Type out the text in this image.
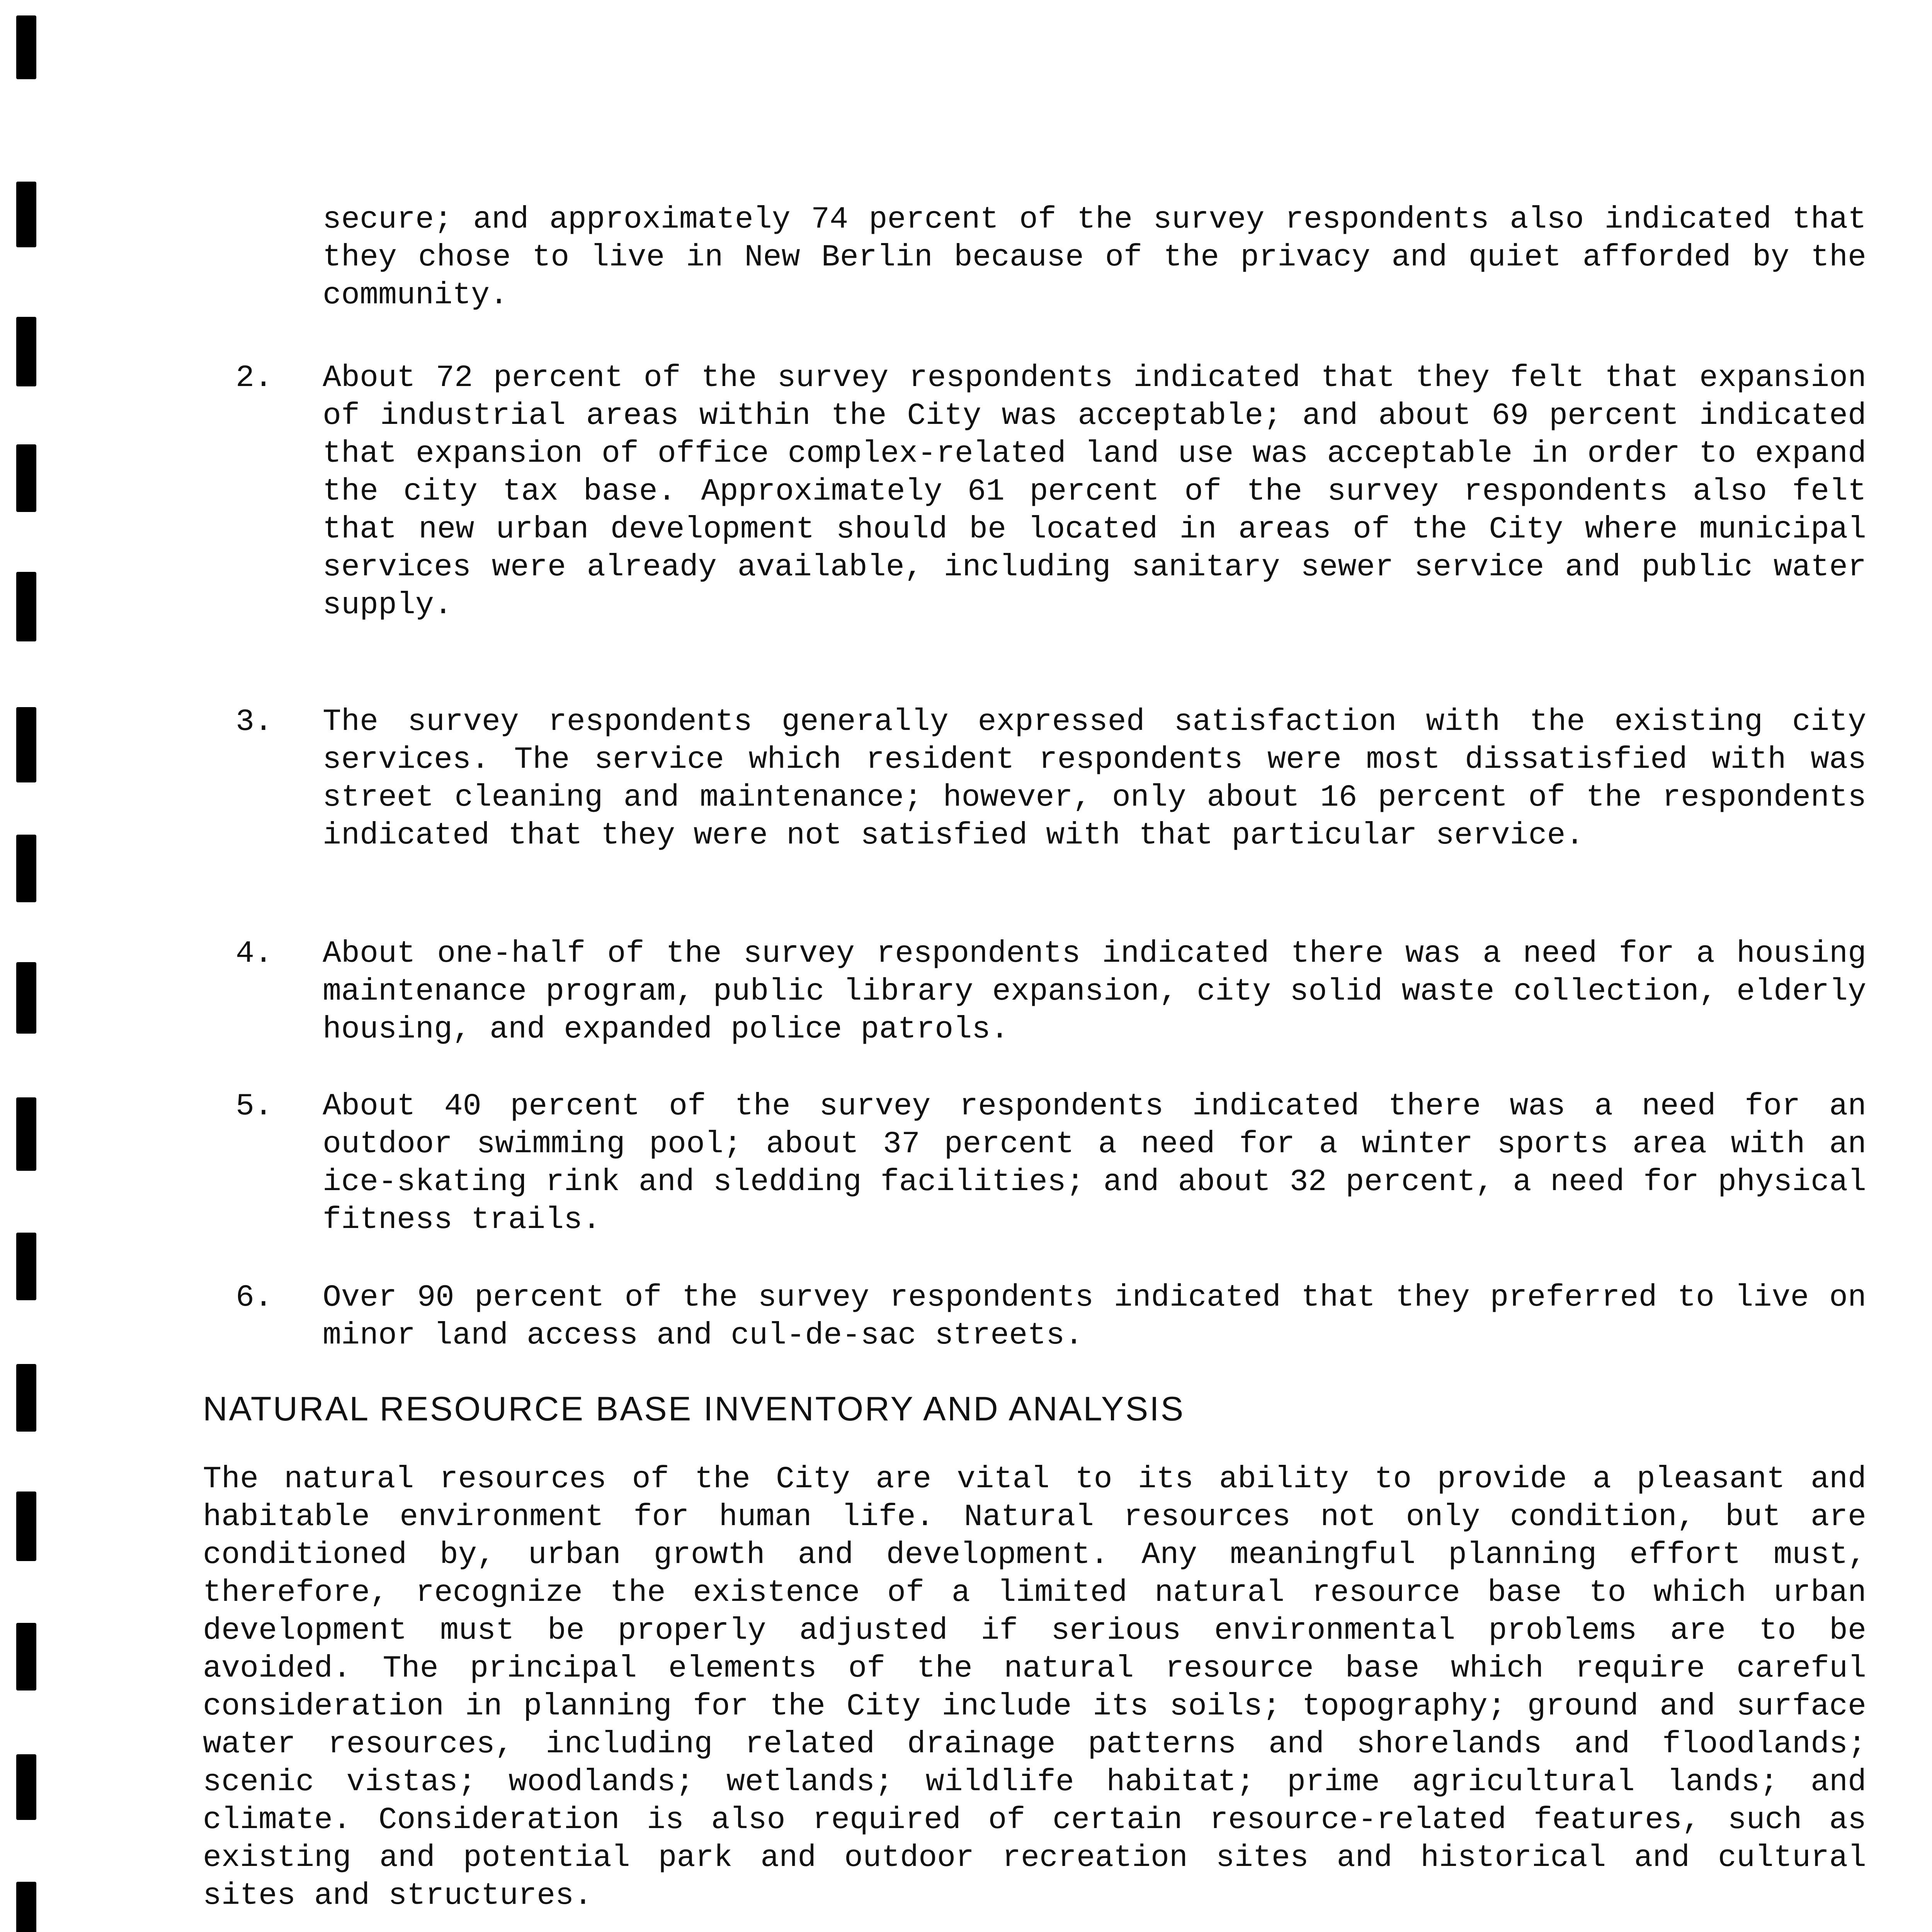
secure; and approximately 74 percent of the survey respondents also indicated that they chose to live in New Berlin because of the privacy and quiet afforded by the community.

2.	About 72 percent of the survey respondents indicated that they felt that expansion of industrial areas within the City was acceptable; and about 69 percent indicated that expansion of office complex-related land use was acceptable in order to expand the city tax base. Approximately 61 percent of the survey respondents also felt that new urban development should be located in areas of the City where municipal services were already available, including sanitary sewer service and public water supply.
3.	The survey respondents generally expressed satisfaction with the existing city services. The service which resident respondents were most dissatisfied with was street cleaning and maintenance; however, only about 16 percent of the respondents indicated that they were not satisfied with that particular service.
4.	About one-half of the survey respondents indicated there was a need for a housing maintenance program, public library expansion, city solid waste collection, elderly housing, and expanded police patrols.
5.	About 40 percent of the survey respondents indicated there was a need for an outdoor swimming pool; about 37 percent a need for a winter sports area with an ice-skating rink and sledding facilities; and about 32 percent, a need for physical fitness trails.
6.	Over 90 percent of the survey respondents indicated that they preferred to live on minor land access and cul-de-sac streets.
NATURAL RESOURCE BASE INVENTORY AND ANALYSIS

The natural resources of the City are vital to its ability to provide a pleasant and habitable environment for human life. Natural resources not only condition, but are conditioned by, urban growth and development. Any meaningful planning effort must, therefore, recognize the existence of a limited natural resource base to which urban development must be properly adjusted if serious environmental problems are to be avoided. The principal elements of the natural resource base which require careful consideration in planning for the City include its soils; topography; ground and surface water resources, including related drainage patterns and shorelands and floodlands; scenic vistas; woodlands; wetlands; wildlife habitat; prime agricultural lands; and climate. Consideration is also required of certain resource-related features, such as existing and potential park and outdoor recreation sites and historical and cultural sites and structures.
